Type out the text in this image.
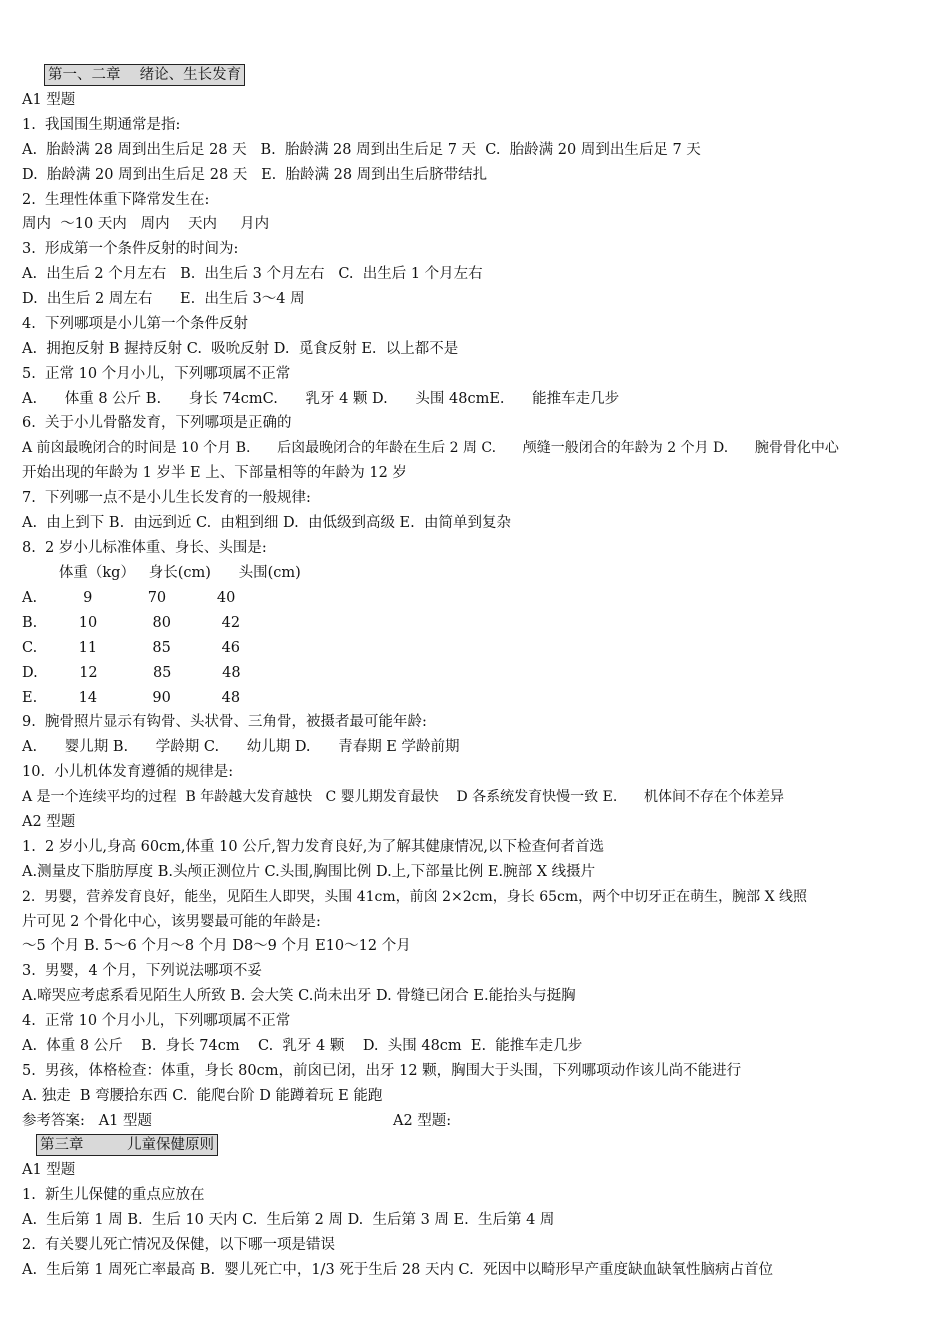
第一、二章　 绪论、生长发育
A1 型题
1.  我国围生期通常是指:
A.  胎龄满 28 周到出生后足 28 天   B.  胎龄满 28 周到出生后足 7 天  C.  胎龄满 20 周到出生后足 7 天
D.  胎龄满 20 周到出生后足 28 天   E.  胎龄满 28 周到出生后脐带结扎
2.  生理性体重下降常发生在:
周内  ～10 天内   周内    天内     月内
3.  形成第一个条件反射的时间为:
A.  出生后 2 个月左右   B.  出生后 3 个月左右   C.  出生后 1 个月左右
D.  出生后 2 周左右      E.  出生后 3～4 周
4.  下列哪项是小儿第一个条件反射
A.  拥抱反射 B 握持反射 C.  吸吮反射 D.  觅食反射 E.  以上都不是
5.  正常 10 个月小儿，下列哪项属不正常
A.      体重 8 公斤 B.      身长 74cmC.      乳牙 4 颗 D.      头围 48cmE.      能推车走几步
6.  关于小儿骨骼发育，下列哪项是正确的
A 前囟最晚闭合的时间是 10 个月 B.      后囟最晚闭合的年龄在生后 2 周 C.      颅缝一般闭合的年龄为 2 个月 D.      腕骨骨化中心
开始出现的年龄为 1 岁半 E 上、下部量相等的年龄为 12 岁
7.  下列哪一点不是小儿生长发育的一般规律:
A.  由上到下 B.  由远到近 C.  由粗到细 D.  由低级到高级 E.  由简单到复杂
8.  2 岁小儿标准体重、身长、头围是:
体重（kg）   身长(cm)      头围(cm)
A.          9            70           40
B.         10            80           42
C.         11            85           46
D.         12            85           48
E.         14            90           48
9.  腕骨照片显示有钩骨、头状骨、三角骨，被摄者最可能年龄:
A.      婴儿期 B.      学龄期 C.      幼儿期 D.      青春期 E 学龄前期
10.  小儿机体发育遵循的规律是:
A 是一个连续平均的过程  B 年龄越大发育越快   C 婴儿期发育最快    D 各系统发育快慢一致 E.      机体间不存在个体差异
A2 型题
1.  2 岁小儿,身高 60cm,体重 10 公斤,智力发育良好,为了解其健康情况,以下检查何者首选
A.测量皮下脂肪厚度 B.头颅正测位片 C.头围,胸围比例 D.上,下部量比例 E.腕部 X 线摄片
2.  男婴，营养发育良好，能坐，见陌生人即哭，头围 41cm，前囟 2×2cm，身长 65cm，两个中切牙正在萌生，腕部 X 线照
片可见 2 个骨化中心，该男婴最可能的年龄是:
～5 个月 B. 5～6 个月～8 个月 D8～9 个月 E10～12 个月
3.  男婴，4 个月，下列说法哪项不妥
A.啼哭应考虑系看见陌生人所致 B. 会大笑 C.尚未出牙 D. 骨缝已闭合 E.能抬头与挺胸
4.  正常 10 个月小儿，下列哪项属不正常
A.  体重 8 公斤    B.  身长 74cm    C.  乳牙 4 颗    D.  头围 48cm  E.  能推车走几步
5.  男孩，体格检查：体重，身长 80cm，前囟已闭，出牙 12 颗，胸围大于头围，下列哪项动作该儿尚不能进行
A. 独走  B 弯腰拾东西 C.  能爬台阶 D 能蹲着玩 E 能跑
参考答案:   A1 型题	A2 型题:
第三章　　　儿童保健原则
A1 型题
1.  新生儿保健的重点应放在
A.  生后第 1 周 B.  生后 10 天内 C.  生后第 2 周 D.  生后第 3 周 E.  生后第 4 周
2.  有关婴儿死亡情况及保健，以下哪一项是错误
A.  生后第 1 周死亡率最高 B.  婴儿死亡中，1/3 死于生后 28 天内 C.  死因中以畸形早产重度缺血缺氧性脑病占首位
